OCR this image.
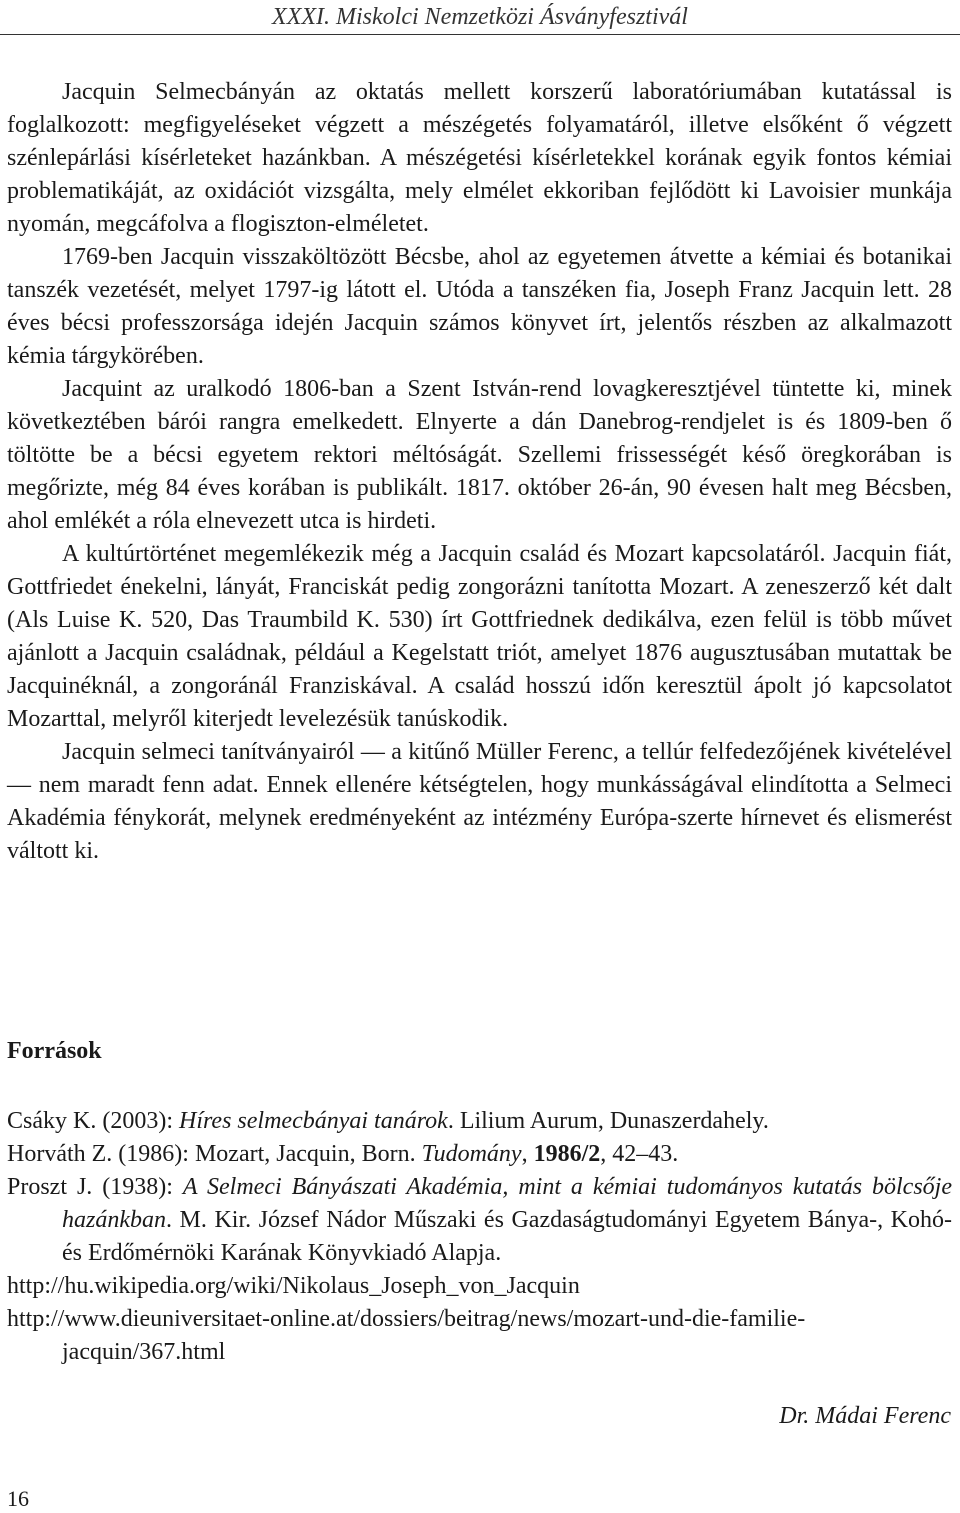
XXXI. Miskolci Nemzetközi Ásványfesztivál

Jacquin Selmecbányán az oktatás mellett korszerű laboratóriumában kutatással is foglalkozott: megfigyeléseket végzett a mészégetés folyamatáról, illetve elsőként ő végzett szénlepárlási kísérleteket hazánkban. A mészégetési kísérletekkel korának egyik fontos kémiai problematikáját, az oxidációt vizsgálta, mely elmélet ekkoriban fejlődött ki Lavoisier munkája nyomán, megcáfolva a flogiszton-elméletet.

1769-ben Jacquin visszaköltözött Bécsbe, ahol az egyetemen átvette a kémiai és botanikai tanszék vezetését, melyet 1797-ig látott el. Utóda a tanszéken fia, Joseph Franz Jacquin lett. 28 éves bécsi professzorsága idején Jacquin számos könyvet írt, jelentős részben az alkalmazott kémia tárgykörében.

Jacquint az uralkodó 1806-ban a Szent István-rend lovagkeresztjével tüntette ki, minek következtében bárói rangra emelkedett. Elnyerte a dán Danebrog-rendjelet is és 1809-ben ő töltötte be a bécsi egyetem rektori méltóságát. Szellemi frissességét késő öregkorában is megőrizte, még 84 éves korában is publikált. 1817. október 26-án, 90 évesen halt meg Bécsben, ahol emlékét a róla elnevezett utca is hirdeti.

A kultúrtörténet megemlékezik még a Jacquin család és Mozart kapcsolatáról. Jacquin fiát, Gottfriedet énekelni, lányát, Franciskát pedig zongorázni tanította Mozart. A zeneszerző két dalt (Als Luise K. 520, Das Traumbild K. 530) írt Gottfriednek dedikálva, ezen felül is több művet ajánlott a Jacquin családnak, például a Kegelstatt triót, amelyet 1876 augusztusában mutattak be Jacquinéknál, a zongoránál Franziskával. A család hosszú időn keresztül ápolt jó kapcsolatot Mozarttal, melyről kiterjedt levelezésük tanúskodik.

Jacquin selmeci tanítványairól — a kitűnő Müller Ferenc, a tellúr felfedezőjének kivételével — nem maradt fenn adat. Ennek ellenére kétségtelen, hogy munkásságával elindította a Selmeci Akadémia fénykorát, melynek eredményeként az intézmény Európa-szerte hírnevet és elismerést váltott ki.

Források
Csáky K. (2003): Híres selmecbányai tanárok. Lilium Aurum, Dunaszerdahely.
Horváth Z. (1986): Mozart, Jacquin, Born. Tudomány, 1986/2, 42–43.
Proszt J. (1938): A Selmeci Bányászati Akadémia, mint a kémiai tudományos kutatás bölcsője hazánkban. M. Kir. József Nádor Műszaki és Gazdaságtudományi Egyetem Bánya-, Kohó- és Erdőmérnöki Karának Könyvkiadó Alapja.
http://hu.wikipedia.org/wiki/Nikolaus_Joseph_von_Jacquin
http://www.dieuniversitaet-online.at/dossiers/beitrag/news/mozart-und-die-familie-jacquin/367.html
Dr. Mádai Ferenc
16
